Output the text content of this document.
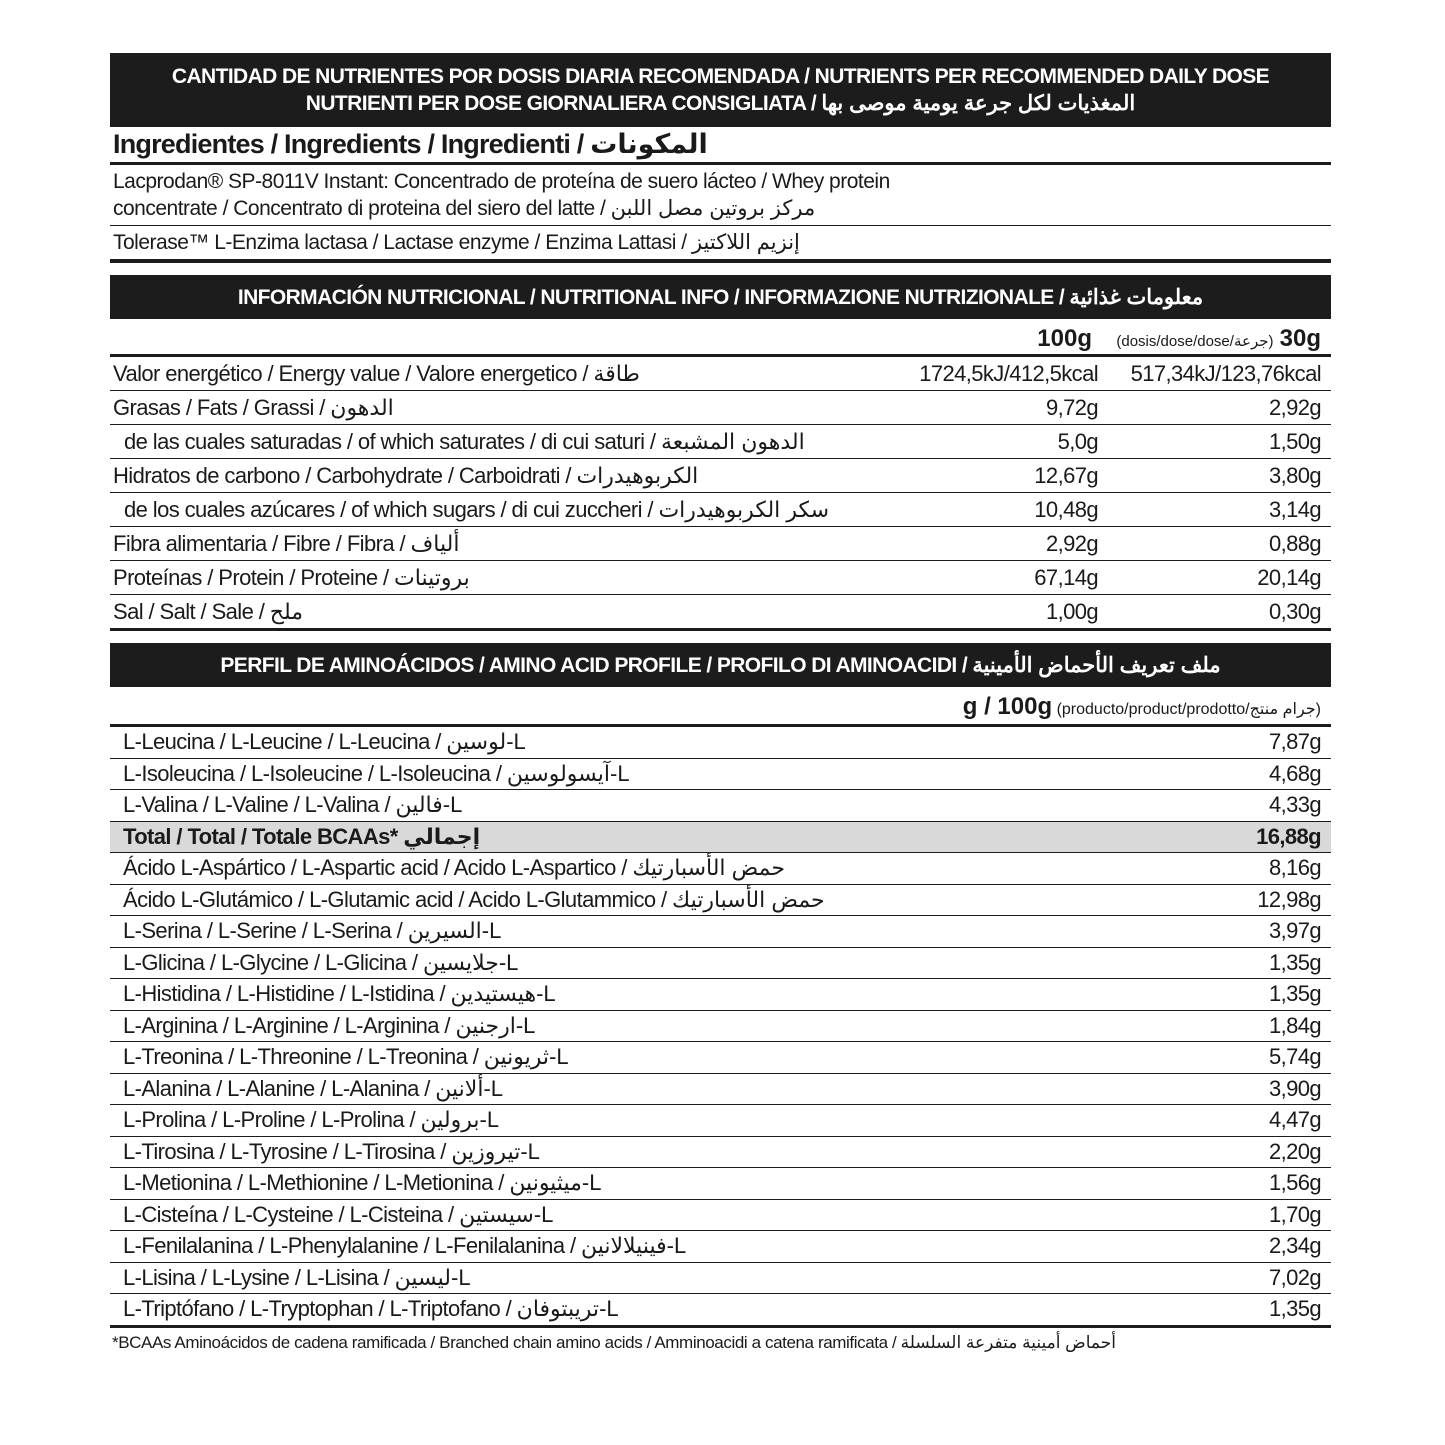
CANTIDAD DE NUTRIENTES POR DOSIS DIARIA RECOMENDADA / NUTRIENTS PER RECOMMENDED DAILY DOSE
NUTRIENTI PER DOSE GIORNALIERA CONSIGLIATA / المغذيات لكل جرعة يومية موصى بها
Ingredientes / Ingredients / Ingredienti / المكونات
Lacprodan® SP-8011V Instant: Concentrado de proteína de suero lácteo / Whey protein
concentrate / Concentrato di proteina del siero del latte / مركز بروتين مصل اللبن
Tolerase™ L-Enzima lactasa / Lactase enzyme / Enzima Lattasi / إنزيم اللاكتيز
INFORMACIÓN NUTRICIONAL / NUTRITIONAL INFO / INFORMAZIONE NUTRIZIONALE / معلومات غذائية
100g (dosis/dose/dose/جرعة) 30g
Valor energético / Energy value / Valore energetico / طاقة	1724,5kJ/412,5kcal	517,34kJ/123,76kcal
Grasas / Fats / Grassi / الدهون	9,72g	2,92g
de las cuales saturadas / of which saturates / di cui saturi / الدهون المشبعة	5,0g	1,50g
Hidratos de carbono / Carbohydrate / Carboidrati / الكربوهيدرات	12,67g	3,80g
de los cuales azúcares / of which sugars / di cui zuccheri / سكر الكربوهيدرات	10,48g	3,14g
Fibra alimentaria / Fibre / Fibra / ألياف	2,92g	0,88g
Proteínas / Protein / Proteine / بروتينات	67,14g	20,14g
Sal / Salt / Sale / ملح	1,00g	0,30g
PERFIL DE AMINOÁCIDOS / AMINO ACID PROFILE / PROFILO DI AMINOACIDI / ملف تعريف الأحماض الأمينية
g / 100g (producto/product/prodotto/جرام منتج)
L-Leucina / L-Leucine / L-Leucina / لوسين-L	7,87g
L-Isoleucina / L-Isoleucine / L-Isoleucina / آيسولوسين-L	4,68g
L-Valina / L-Valine / L-Valina / فالين-L	4,33g
Total / Total / Totale BCAAs* إجمالي	16,88g
Ácido L-Aspártico / L-Aspartic acid / Acido L-Aspartico / حمض الأسبارتيك	8,16g
Ácido L-Glutámico / L-Glutamic acid / Acido L-Glutammico / حمض الأسبارتيك	12,98g
L-Serina / L-Serine / L-Serina / السيرين-L	3,97g
L-Glicina / L-Glycine / L-Glicina / جلايسين-L	1,35g
L-Histidina / L-Histidine / L-Istidina / هيستيدين-L	1,35g
L-Arginina / L-Arginine / L-Arginina / ارجنين-L	1,84g
L-Treonina / L-Threonine / L-Treonina / ثريونين-L	5,74g
L-Alanina / L-Alanine / L-Alanina / ألانين-L	3,90g
L-Prolina / L-Proline / L-Prolina / برولين-L	4,47g
L-Tirosina / L-Tyrosine / L-Tirosina / تيروزين-L	2,20g
L-Metionina / L-Methionine / L-Metionina / ميثيونين-L	1,56g
L-Cisteína / L-Cysteine / L-Cisteina / سيستين-L	1,70g
L-Fenilalanina / L-Phenylalanine / L-Fenilalanina / فينيلالانين-L	2,34g
L-Lisina / L-Lysine / L-Lisina / ليسين-L	7,02g
L-Triptófano / L-Tryptophan / L-Triptofano / تريبتوفان-L	1,35g
*BCAAs Aminoácidos de cadena ramificada / Branched chain amino acids / Amminoacidi a catena ramificata / أحماض أمينية متفرعة السلسلة
